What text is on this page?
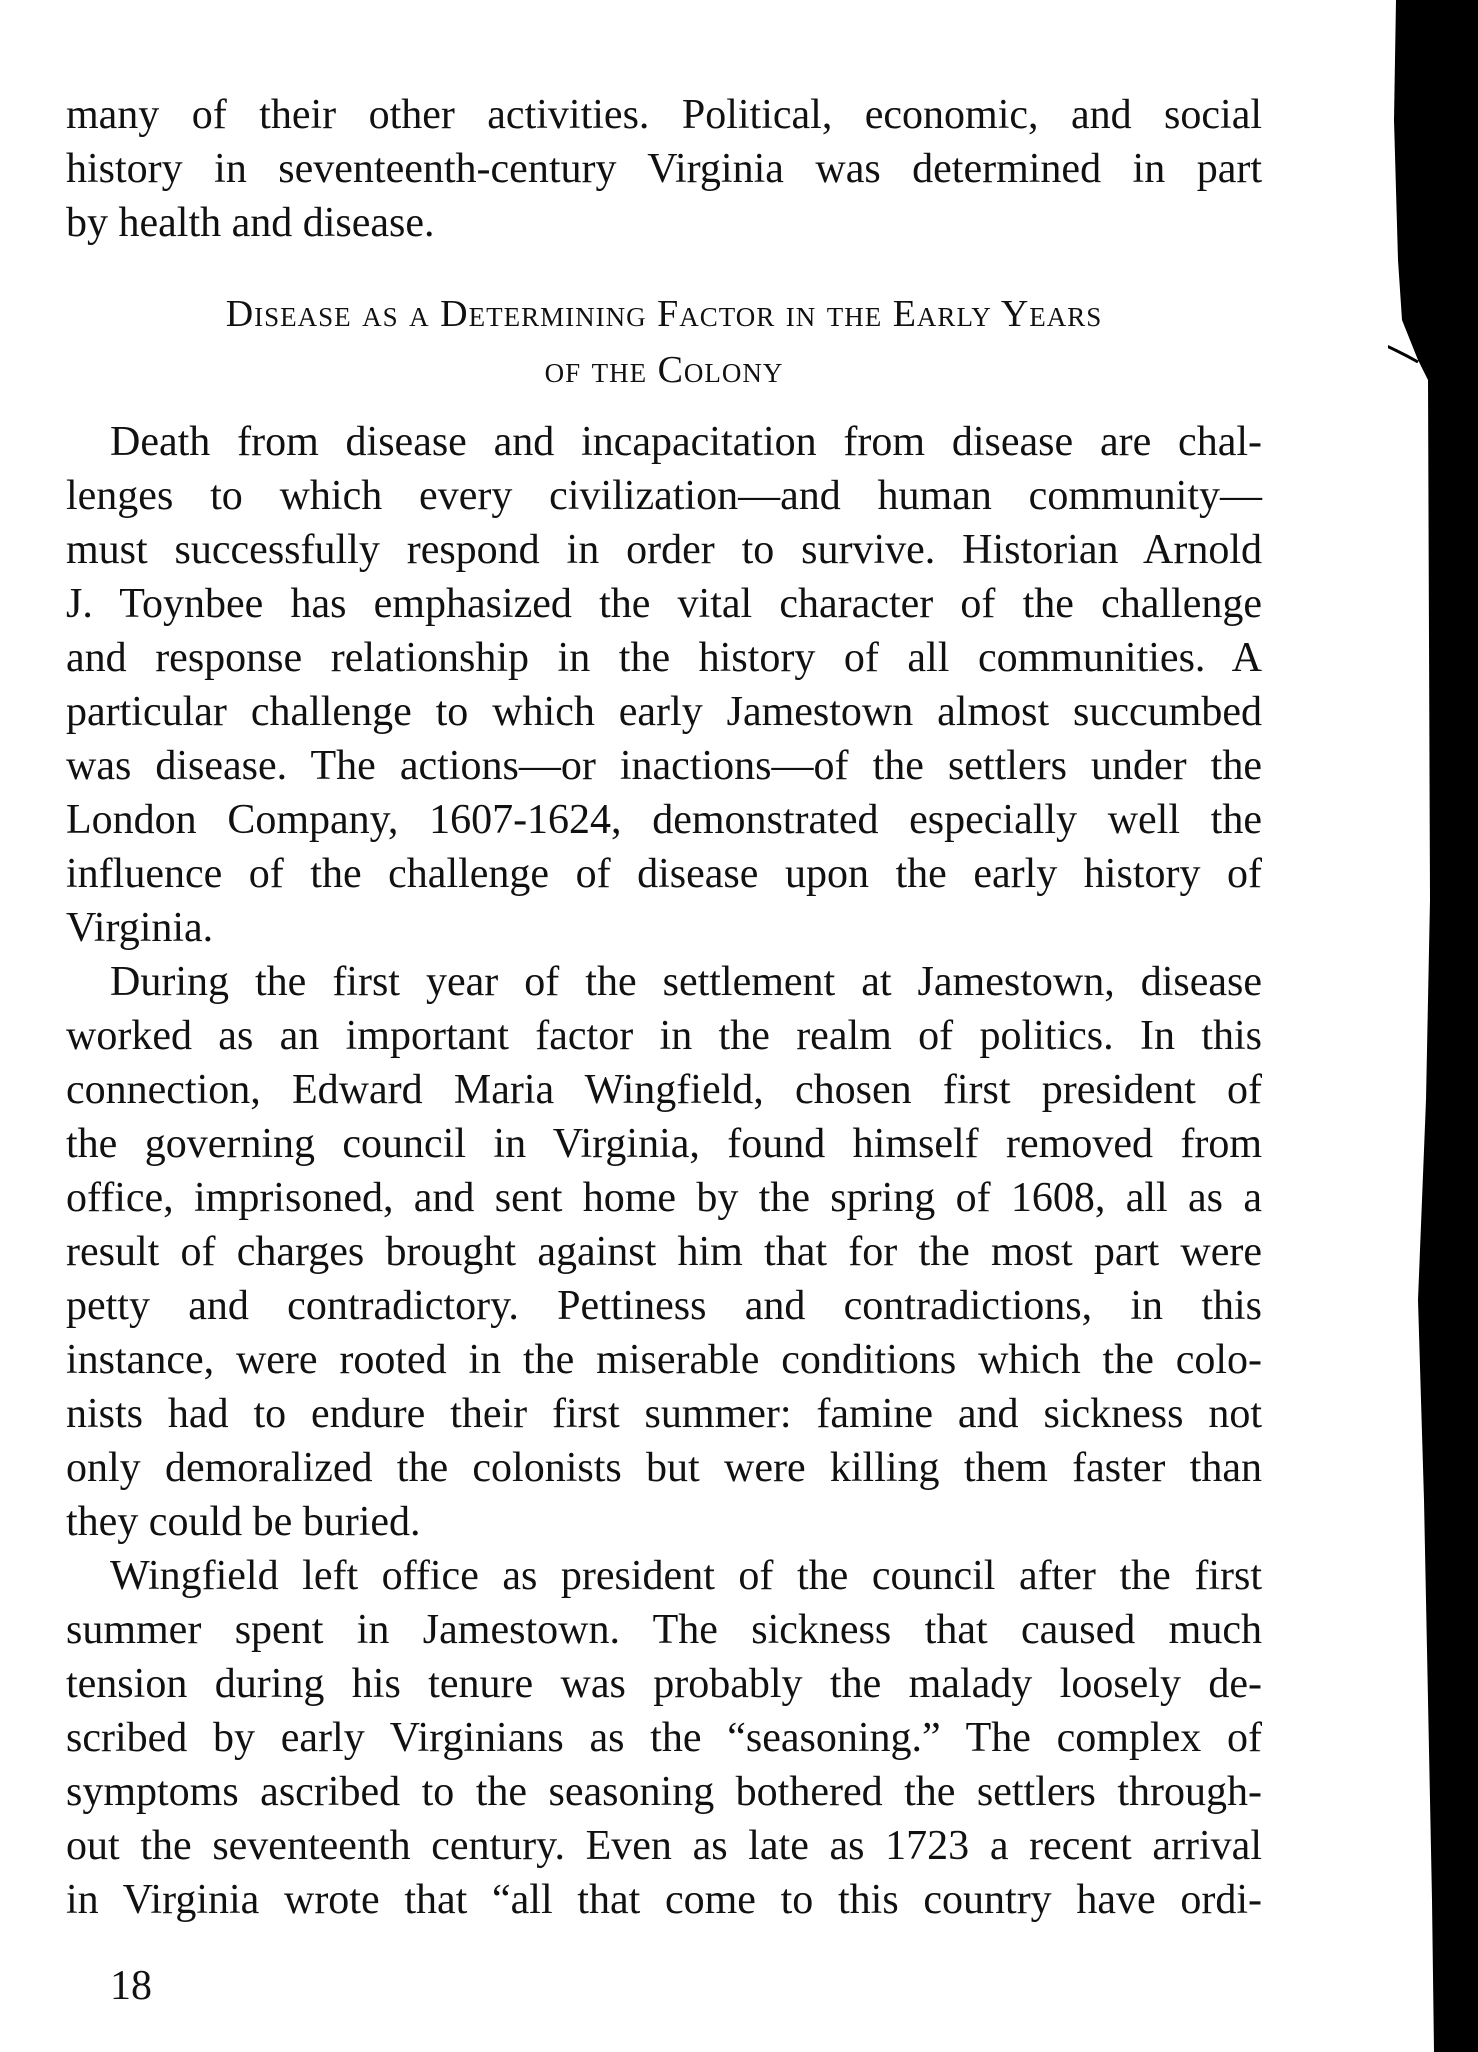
many of their other activities. Political, economic, and social
history in seventeenth-century Virginia was determined in part
by health and disease.
Disease as a Determining Factor in the Early Years
of the Colony
Death from disease and incapacitation from disease are chal-
lenges to which every civilization—and human community—
must successfully respond in order to survive. Historian Arnold
J. Toynbee has emphasized the vital character of the challenge
and response relationship in the history of all communities. A
particular challenge to which early Jamestown almost succumbed
was disease. The actions—or inactions—of the settlers under the
London Company, 1607-1624, demonstrated especially well the
influence of the challenge of disease upon the early history of
Virginia.
During the first year of the settlement at Jamestown, disease
worked as an important factor in the realm of politics. In this
connection, Edward Maria Wingfield, chosen first president of
the governing council in Virginia, found himself removed from
office, imprisoned, and sent home by the spring of 1608, all as a
result of charges brought against him that for the most part were
petty and contradictory. Pettiness and contradictions, in this
instance, were rooted in the miserable conditions which the colo-
nists had to endure their first summer: famine and sickness not
only demoralized the colonists but were killing them faster than
they could be buried.
Wingfield left office as president of the council after the first
summer spent in Jamestown. The sickness that caused much
tension during his tenure was probably the malady loosely de-
scribed by early Virginians as the “seasoning.” The complex of
symptoms ascribed to the seasoning bothered the settlers through-
out the seventeenth century. Even as late as 1723 a recent arrival
in Virginia wrote that “all that come to this country have ordi-
18
